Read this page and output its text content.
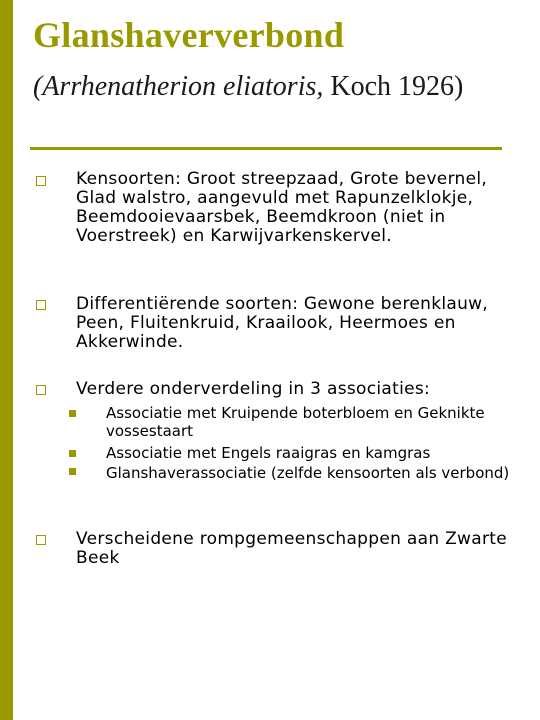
Glanshaververbond
(Arrhenatherion eliatoris, Koch 1926)
Kensoorten: Groot streepzaad, Grote bevernel, Glad walstro, aangevuld met Rapunzelklokje, Beemdooievaarsbek, Beemdkroon (niet in Voerstreek) en Karwijvarkenskervel.
Differentiërende soorten: Gewone berenklauw, Peen, Fluitenkruid, Kraailook, Heermoes en Akkerwinde.
Verdere onderverdeling in 3 associaties:
Associatie met Kruipende boterbloem en Geknikte vossestaart
Associatie met Engels raaigras en kamgras
Glanshaverassociatie (zelfde kensoorten als verbond)
Verscheidene rompgemeenschappen aan Zwarte Beek
